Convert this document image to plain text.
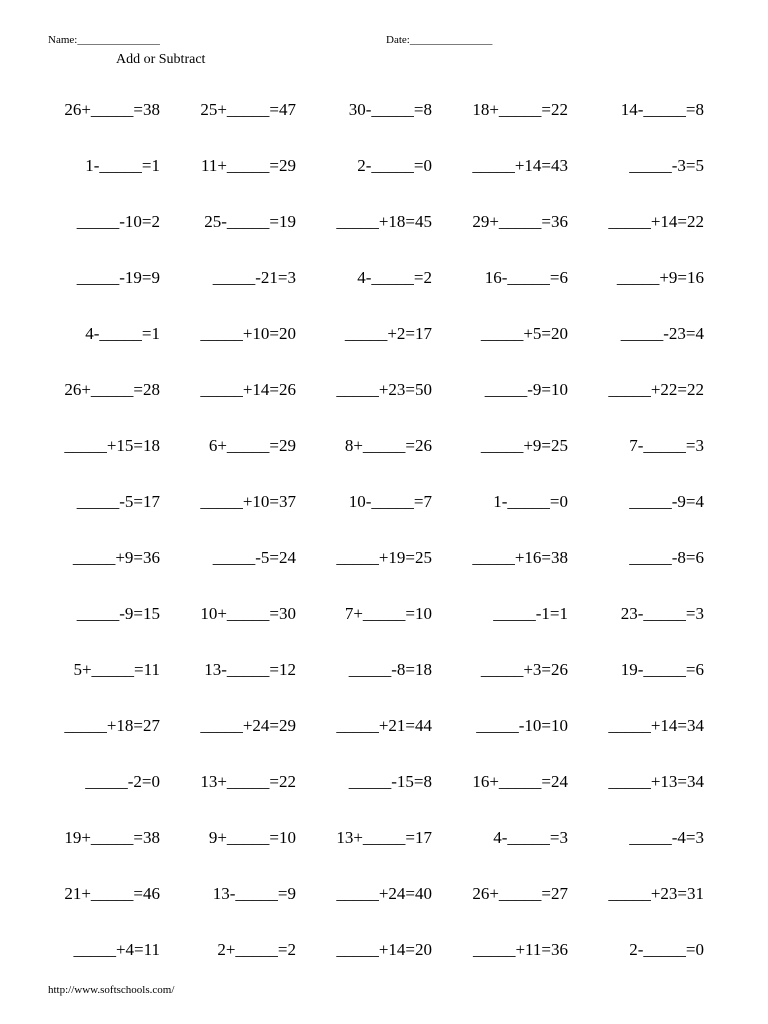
Name:_______________	Date:_______________
Add or Subtract
26+_____=38	25+_____=47	30-_____=8	18+_____=22	14-_____=8
1-_____=1	11+_____=29	2-_____=0	_____+14=43	_____-3=5
_____-10=2	25-_____=19	_____+18=45	29+_____=36	_____+14=22
_____-19=9	_____-21=3	4-_____=2	16-_____=6	_____+9=16
4-_____=1	_____+10=20	_____+2=17	_____+5=20	_____-23=4
26+_____=28	_____+14=26	_____+23=50	_____-9=10	_____+22=22
_____+15=18	6+_____=29	8+_____=26	_____+9=25	7-_____=3
_____-5=17	_____+10=37	10-_____=7	1-_____=0	_____-9=4
_____+9=36	_____-5=24	_____+19=25	_____+16=38	_____-8=6
_____-9=15	10+_____=30	7+_____=10	_____-1=1	23-_____=3
5+_____=11	13-_____=12	_____-8=18	_____+3=26	19-_____=6
_____+18=27	_____+24=29	_____+21=44	_____-10=10	_____+14=34
_____-2=0	13+_____=22	_____-15=8	16+_____=24	_____+13=34
19+_____=38	9+_____=10	13+_____=17	4-_____=3	_____-4=3
21+_____=46	13-_____=9	_____+24=40	26+_____=27	_____+23=31
_____+4=11	2+_____=2	_____+14=20	_____+11=36	2-_____=0
http://www.softschools.com/
